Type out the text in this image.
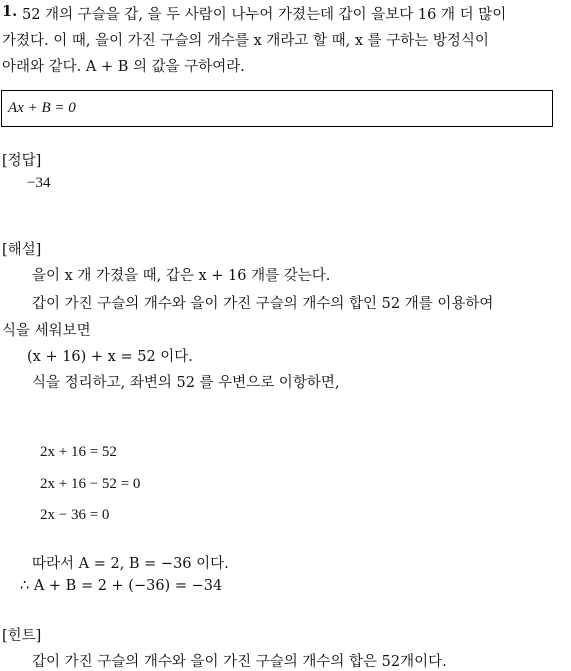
1. 52 개의 구슬을 갑, 을 두 사람이 나누어 가졌는데 갑이 을보다 16 개 더 많이
가졌다. 이 때, 을이 가진 구슬의 개수를 x 개라고 할 때, x 를 구하는 방정식이
아래와 같다. A + B 의 값을 구하여라.
Ax + B = 0
[정답]
−34
[해설]
을이 x 개 가졌을 때, 갑은 x + 16 개를 갖는다.
갑이 가진 구슬의 개수와 을이 가진 구슬의 개수의 합인 52 개를 이용하여
식을 세워보면
(x + 16) + x = 52 이다.
식을 정리하고, 좌변의 52 를 우변으로 이항하면,
2x + 16 = 52
2x + 16 − 52 = 0
2x − 36 = 0
따라서 A = 2, B = −36 이다.
∴ A + B = 2 + (−36) = −34
[힌트]
갑이 가진 구슬의 개수와 을이 가진 구슬의 개수의 합은 52개이다.
